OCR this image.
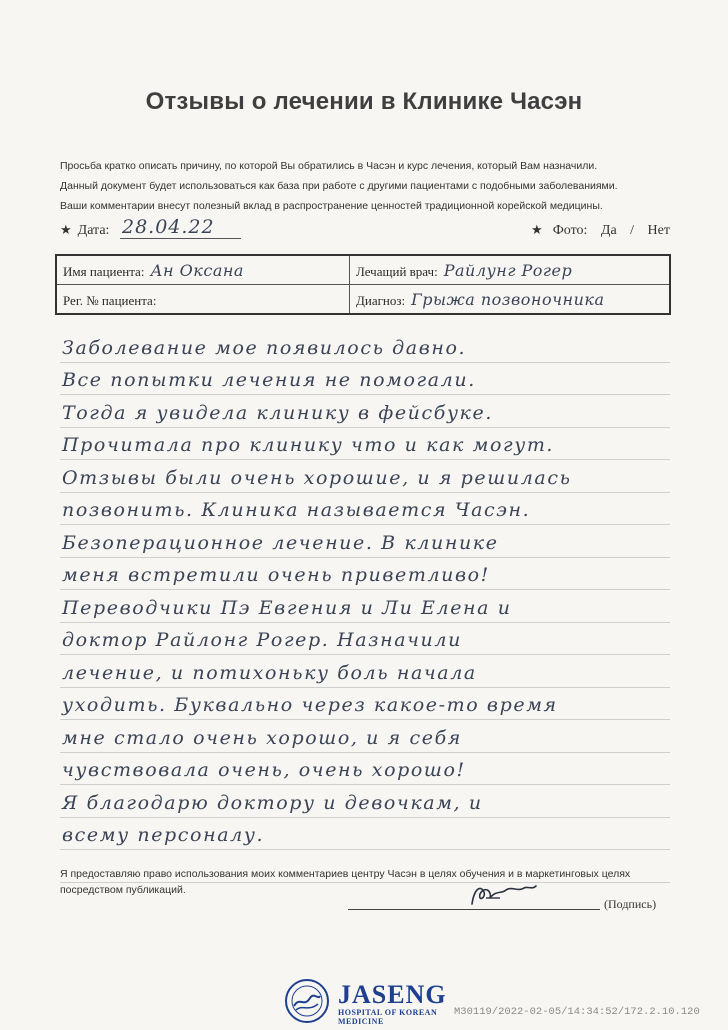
Отзывы о лечении в Клинике Часэн
Просьба кратко описать причину, по которой Вы обратились в Часэн и курс лечения, который Вам назначили.
Данный документ будет использоваться как база при работе с другими пациентами с подобными заболеваниями.
Ваши комментарии внесут полезный вклад в распространение ценностей традиционной корейской медицины.
★ Дата: 28.04.22	★ Фото: Да / Нет
Имя пациента: Ан Оксана	Лечащий врач: Райлунг Рогер
Рег. № пациента:	Диагноз: Грыжа позвоночника
Заболевание мое появилось давно.
Все попытки лечения не помогали.
Тогда я увидела клинику в фейсбуке.
Прочитала про клинику что и как могут.
Отзывы были очень хорошие, и я решилась
позвонить. Клиника называется Часэн.
Безоперационное лечение. В клинике
меня встретили очень приветливо!
Переводчики Пэ Евгения и Ли Елена и
доктор Райлонг Рогер. Назначили
лечение, и потихоньку боль начала
уходить. Буквально через какое-то время
мне стало очень хорошо, и я себя
чувствовала очень, очень хорошо!
Я благодарю доктору и девочкам, и
всему персоналу.
Я предоставляю право использования моих комментариев центру Часэн в целях обучения и в маркетинговых целях посредством публикаций.
(Подпись)
JASENG
HOSPITAL OF KOREAN MEDICINE
M30119/2022-02-05/14:34:52/172.2.10.120
